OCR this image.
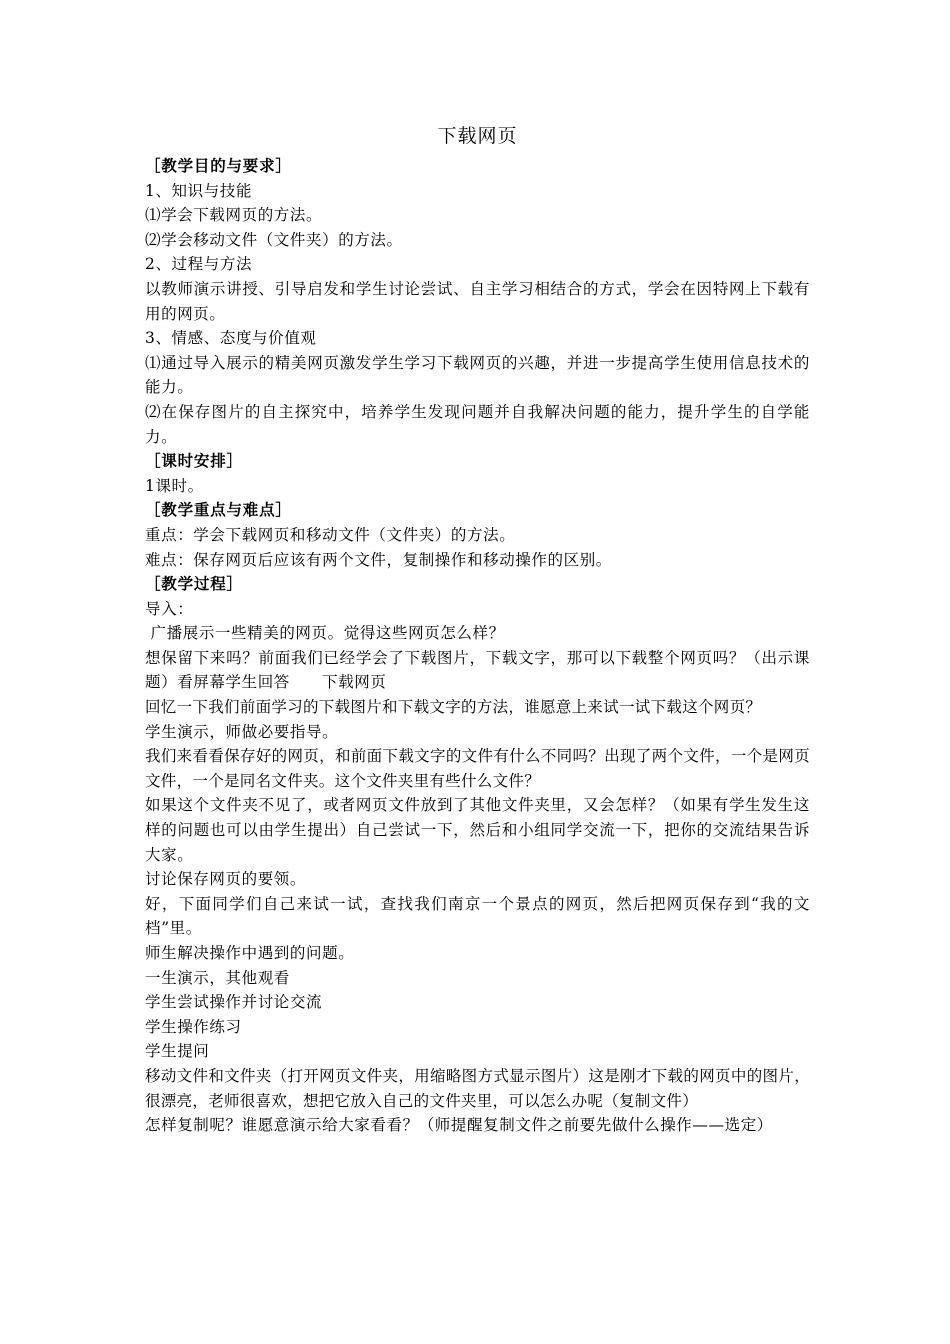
下载网页
［教学目的与要求］

1、知识与技能

⑴学会下载网页的方法。

⑵学会移动文件（文件夹）的方法。

2、过程与方法

以教师演示讲授、引导启发和学生讨论尝试、自主学习相结合的方式，学会在因特网上下载有用的网页。

3、情感、态度与价值观

⑴通过导入展示的精美网页激发学生学习下载网页的兴趣，并进一步提高学生使用信息技术的能力。

⑵在保存图片的自主探究中，培养学生发现问题并自我解决问题的能力，提升学生的自学能力。

［课时安排］

1课时。

［教学重点与难点］

重点：学会下载网页和移动文件（文件夹）的方法。

难点：保存网页后应该有两个文件，复制操作和移动操作的区别。

［教学过程］

导入：

广播展示一些精美的网页。觉得这些网页怎么样？

想保留下来吗？前面我们已经学会了下载图片，下载文字，那可以下载整个网页吗？（出示课题）看屏幕学生回答　　下载网页

回忆一下我们前面学习的下载图片和下载文字的方法，谁愿意上来试一试下载这个网页？

学生演示，师做必要指导。

我们来看看保存好的网页，和前面下载文字的文件有什么不同吗？出现了两个文件，一个是网页文件，一个是同名文件夹。这个文件夹里有些什么文件？

如果这个文件夹不见了，或者网页文件放到了其他文件夹里，又会怎样？（如果有学生发生这样的问题也可以由学生提出）自己尝试一下，然后和小组同学交流一下，把你的交流结果告诉大家。

讨论保存网页的要领。

好，下面同学们自己来试一试，查找我们南京一个景点的网页，然后把网页保存到“我的文档”里。

师生解决操作中遇到的问题。

一生演示，其他观看

学生尝试操作并讨论交流

学生操作练习

学生提问

移动文件和文件夹（打开网页文件夹，用缩略图方式显示图片）这是刚才下载的网页中的图片，很漂亮，老师很喜欢，想把它放入自己的文件夹里，可以怎么办呢（复制文件）

怎样复制呢？谁愿意演示给大家看看？（师提醒复制文件之前要先做什么操作——选定）
